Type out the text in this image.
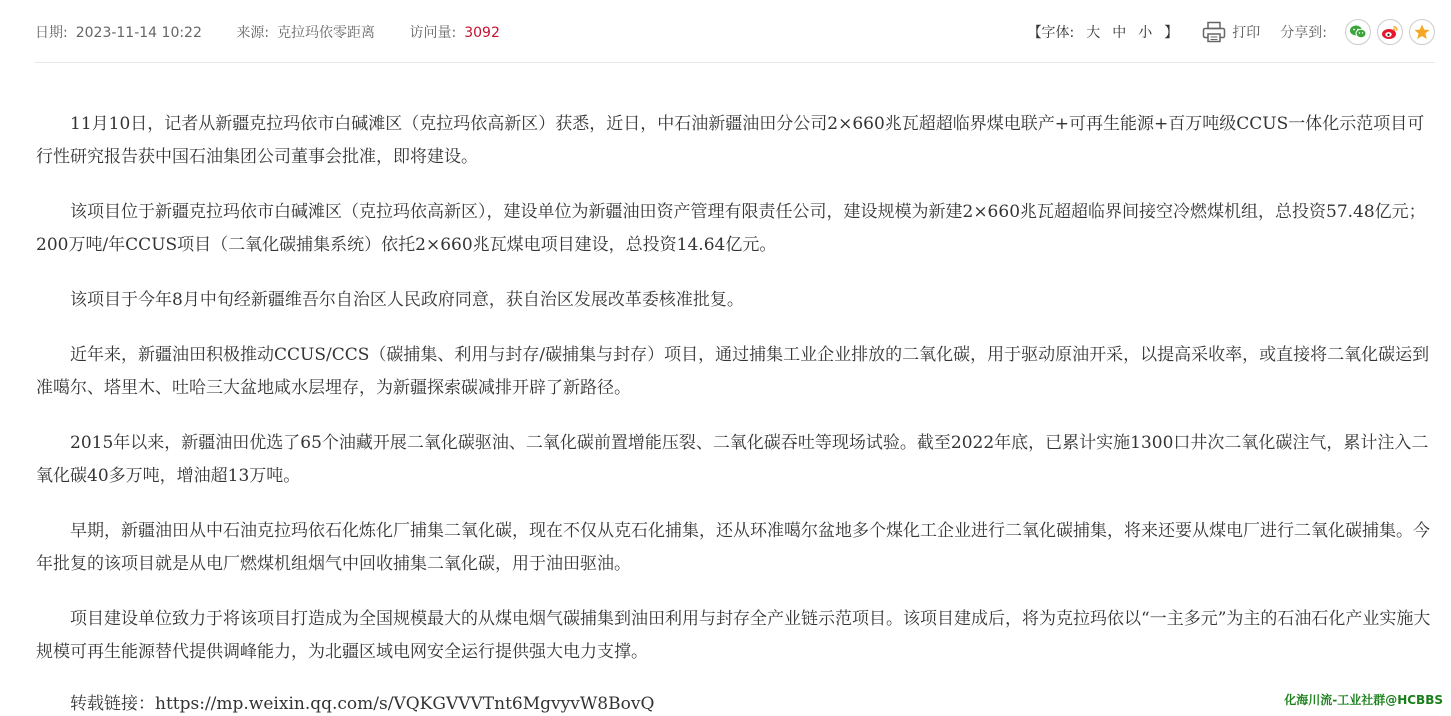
日期: 2023-11-14 10:22 来源: 克拉玛依零距离 访问量: 3092	【字体: 大 中 小 】	打印 分享到:

11月10日，记者从新疆克拉玛依市白碱滩区（克拉玛依高新区）获悉，近日，中石油新疆油田分公司2×660兆瓦超超临界煤电联产+可再生能源+百万吨级CCUS一体化示范项目可行性研究报告获中国石油集团公司董事会批准，即将建设。

该项目位于新疆克拉玛依市白碱滩区（克拉玛依高新区），建设单位为新疆油田资产管理有限责任公司，建设规模为新建2×660兆瓦超超临界间接空冷燃煤机组，总投资57.48亿元；200万吨/年CCUS项目（二氧化碳捕集系统）依托2×660兆瓦煤电项目建设，总投资14.64亿元。

该项目于今年8月中旬经新疆维吾尔自治区人民政府同意，获自治区发展改革委核准批复。

近年来，新疆油田积极推动CCUS/CCS（碳捕集、利用与封存/碳捕集与封存）项目，通过捕集工业企业排放的二氧化碳，用于驱动原油开采，以提高采收率，或直接将二氧化碳运到准噶尔、塔里木、吐哈三大盆地咸水层埋存，为新疆探索碳减排开辟了新路径。

2015年以来，新疆油田优选了65个油藏开展二氧化碳驱油、二氧化碳前置增能压裂、二氧化碳吞吐等现场试验。截至2022年底，已累计实施1300口井次二氧化碳注气，累计注入二氧化碳40多万吨，增油超13万吨。

早期，新疆油田从中石油克拉玛依石化炼化厂捕集二氧化碳，现在不仅从克石化捕集，还从环准噶尔盆地多个煤化工企业进行二氧化碳捕集，将来还要从煤电厂进行二氧化碳捕集。今年批复的该项目就是从电厂燃煤机组烟气中回收捕集二氧化碳，用于油田驱油。

项目建设单位致力于将该项目打造成为全国规模最大的从煤电烟气碳捕集到油田利用与封存全产业链示范项目。该项目建成后，将为克拉玛依以“一主多元”为主的石油石化产业实施大规模可再生能源替代提供调峰能力，为北疆区域电网安全运行提供强大电力支撑。

转载链接：https://mp.weixin.qq.com/s/VQKGVVVTnt6MgvyvW8BovQ	化海川流-工业社群@HCBBS
